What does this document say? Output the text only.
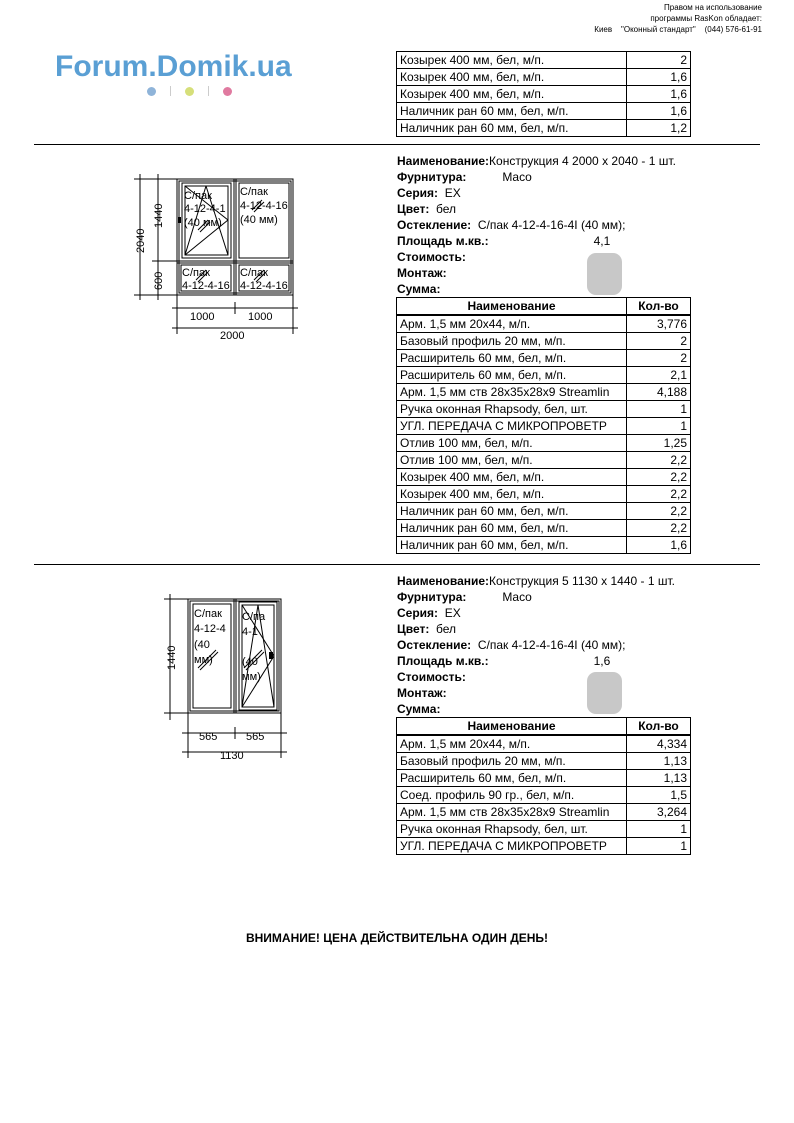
Правом на использование
программы RasKon обладает:
Киев    "Оконный стандарт"    (044) 576-61-91
Forum.Domik.ua	Козырек 400 мм, бел, м/п.	2
Козырек 400 мм, бел, м/п.	1,6
Козырек 400 мм, бел, м/п.	1,6
Наличник ран 60 мм, бел, м/п.	1,6
Наличник ран 60 мм, бел, м/п.	1,2
2040
1440
600
1000	1000
2000
С/пак
4-12-4-1
(40 мм)
С/пак
4-12-4-16
(40 мм)
С/пак
4-12-4-16
С/пак
4-12-4-16
Наименование:Конструкция 4 2000 x 2040 - 1 шт.
Фурнитура:	Maco
Серия: EX
Цвет: бел
Остекление: С/пак 4-12-4-16-4I (40 мм);
Площадь м.кв.:	4,1
Стоимость:
Монтаж:
Сумма:
Наименование	Кол-во
Арм. 1,5 мм 20x44, м/п.	3,776
Базовый профиль 20 мм, м/п.	2
Расширитель 60 мм, бел, м/п.	2
Расширитель 60 мм, бел, м/п.	2,1
Арм. 1,5 мм ств 28x35x28x9 Streamlin	4,188
Ручка оконная Rhapsody, бел, шт.	1
УГЛ. ПЕРЕДАЧА С МИКРОПРОВЕТР	1
Отлив 100 мм, бел, м/п.	1,25
Отлив 100 мм, бел, м/п.	2,2
Козырек 400 мм, бел, м/п.	2,2
Козырек 400 мм, бел, м/п.	2,2
Наличник ран 60 мм, бел, м/п.	2,2
Наличник ран 60 мм, бел, м/п.	2,2
Наличник ран 60 мм, бел, м/п.	1,6
1440
565	565
1130
С/пак
4-12-4
(40
мм)
С/па
4-1
(40
мм)
Наименование:Конструкция 5 1130 x 1440 - 1 шт.
Фурнитура:	Maco
Серия: EX
Цвет: бел
Остекление: С/пак 4-12-4-16-4I (40 мм);
Площадь м.кв.:	1,6
Стоимость:
Монтаж:
Сумма:
Наименование	Кол-во
Арм. 1,5 мм 20x44, м/п.	4,334
Базовый профиль 20 мм, м/п.	1,13
Расширитель 60 мм, бел, м/п.	1,13
Соед. профиль 90 гр., бел, м/п.	1,5
Арм. 1,5 мм ств 28x35x28x9 Streamlin	3,264
Ручка оконная Rhapsody, бел, шт.	1
УГЛ. ПЕРЕДАЧА С МИКРОПРОВЕТР	1
ВНИМАНИЕ! ЦЕНА ДЕЙСТВИТЕЛЬНА ОДИН ДЕНЬ!
